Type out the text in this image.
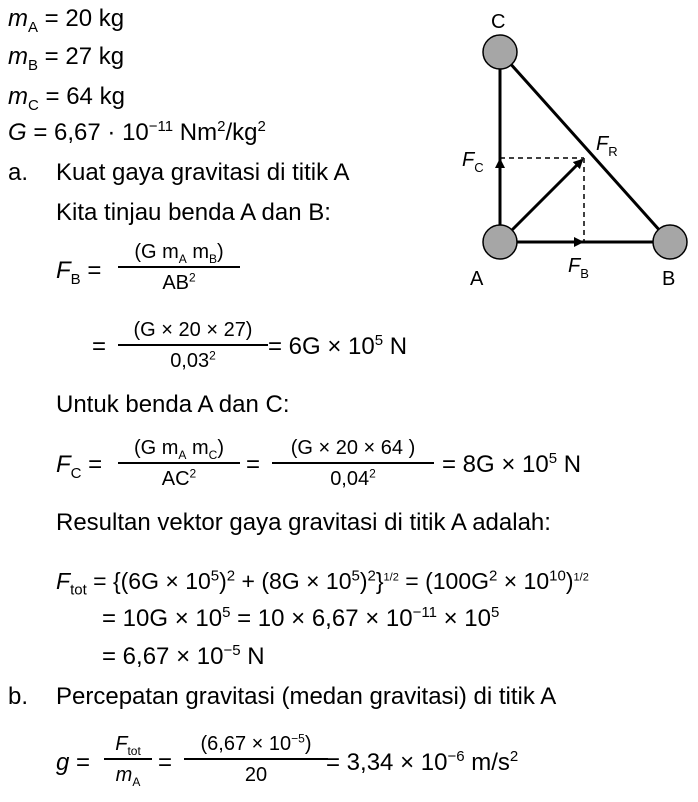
$m_A = 20$ kg
$m_B = 27$ kg
$m_C = 64$ kg
$G = 6,67 \cdot 10^{-11}$ $Nm^2/kg^2$
a. Kuat gaya gravitasi di titik A
Kita tinjau benda A dan B:
$F_B$ =
(G $m_A$ $m_B$)
$AB^2$
=
(G × 20 × 27)
$0,03^2$	= $6G \times 10^5$ N
Untuk benda A dan C:
$F_C$ =
(G $m_A$ $m_C$)
$AC^2$	=
(G × 20 × 64 )
$0,04^2$	= $8G \times 10^5$ N
Resultan vektor gaya gravitasi di titik A adalah:
$F_{tot} = \{(6G \times 10^5)^2 + (8G \times 10^5)^2\}^{1/2} = (100G^2 \times 10^{10})^{1/2}$
= $10G \times 10^5 = 10 \times 6,67 \times 10^{-11} \times 10^5$
= $6,67 \times 10^{-5}$ N
b. Percepatan gravitasi (medan gravitasi) di titik A
g =
$F_{tot}$
$m_A$
=
$(6,67 \times 10^{-5})$
20	= $3,34 \times 10^{-6}$ $m/s^2$
C
A	B
$F_C$
$F_B$
$F_R$
